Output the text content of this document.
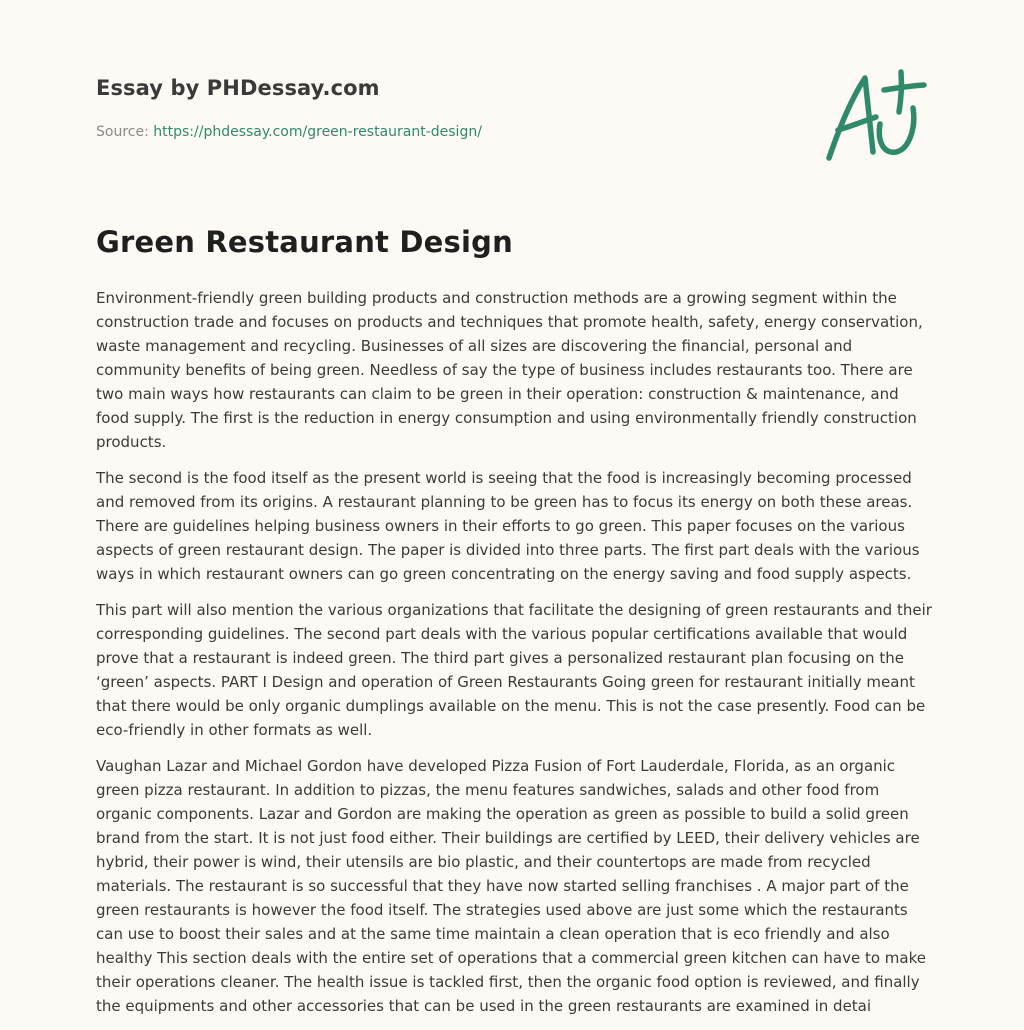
Essay by PHDessay.com
Source: https://phdessay.com/green-restaurant-design/
Green Restaurant Design

Environment-friendly green building products and construction methods are a growing segment within the construction trade and focuses on products and techniques that promote health, safety, energy conservation, waste management and recycling. Businesses of all sizes are discovering the financial, personal and community benefits of being green. Needless of say the type of business includes restaurants too. There are two main ways how restaurants can claim to be green in their operation: construction & maintenance, and food supply. The first is the reduction in energy consumption and using environmentally friendly construction products.

The second is the food itself as the present world is seeing that the food is increasingly becoming processed and removed from its origins. A restaurant planning to be green has to focus its energy on both these areas. There are guidelines helping business owners in their efforts to go green. This paper focuses on the various aspects of green restaurant design. The paper is divided into three parts. The first part deals with the various ways in which restaurant owners can go green concentrating on the energy saving and food supply aspects.

This part will also mention the various organizations that facilitate the designing of green restaurants and their corresponding guidelines. The second part deals with the various popular certifications available that would prove that a restaurant is indeed green. The third part gives a personalized restaurant plan focusing on the ‘green’ aspects. PART I Design and operation of Green Restaurants Going green for restaurant initially meant that there would be only organic dumplings available on the menu. This is not the case presently. Food can be eco-friendly in other formats as well.

Vaughan Lazar and Michael Gordon have developed Pizza Fusion of Fort Lauderdale, Florida, as an organic green pizza restaurant. In addition to pizzas, the menu features sandwiches, salads and other food from organic components. Lazar and Gordon are making the operation as green as possible to build a solid green brand from the start. It is not just food either. Their buildings are certified by LEED, their delivery vehicles are hybrid, their power is wind, their utensils are bio plastic, and their countertops are made from recycled materials. The restaurant is so successful that they have now started selling franchises . A major part of the green restaurants is however the food itself. The strategies used above are just some which the restaurants can use to boost their sales and at the same time maintain a clean operation that is eco friendly and also healthy This section deals with the entire set of operations that a commercial green kitchen can have to make their operations cleaner. The health issue is tackled first, then the organic food option is reviewed, and finally the equipments and other accessories that can be used in the green restaurants are examined in detai
